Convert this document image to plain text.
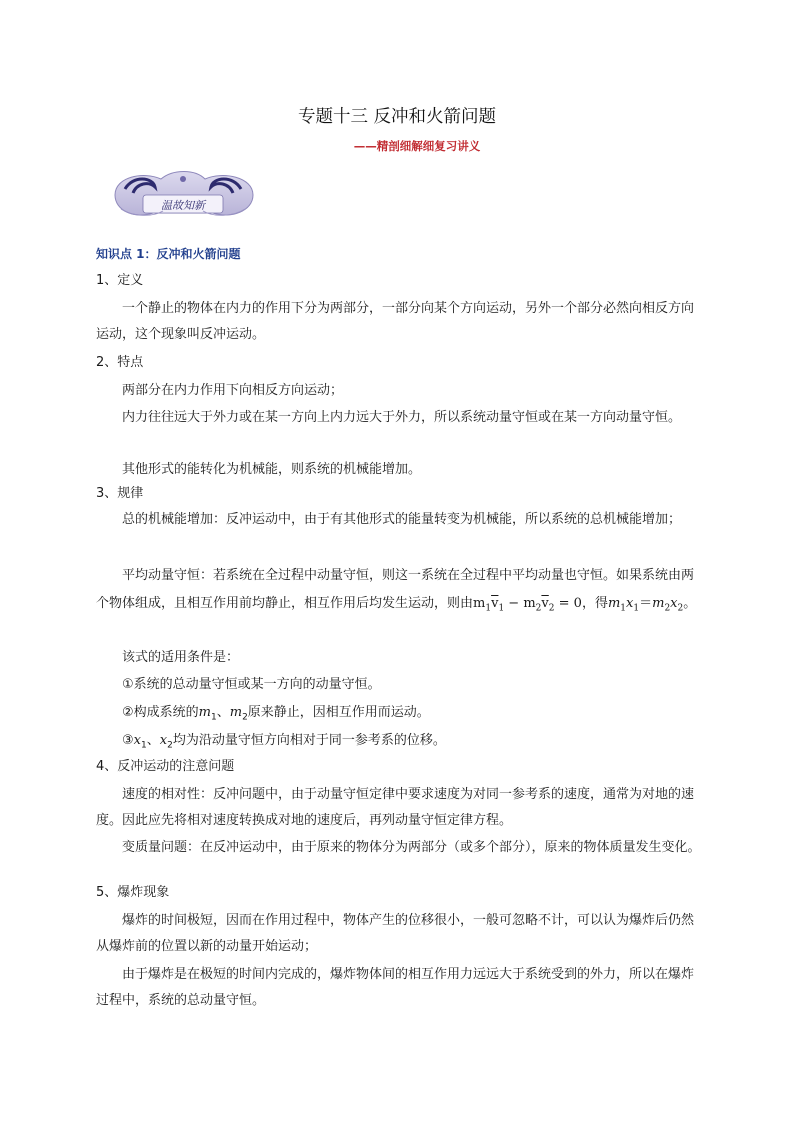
专题十三 反冲和火箭问题
——精剖细解细复习讲义
温故知新
知识点 1：反冲和火箭问题
1、定义
一个静止的物体在内力的作用下分为两部分，一部分向某个方向运动，另外一个部分必然向相反方向运动，这个现象叫反冲运动。
2、特点
两部分在内力作用下向相反方向运动；
内力往往远大于外力或在某一方向上内力远大于外力，所以系统动量守恒或在某一方向动量守恒。
其他形式的能转化为机械能，则系统的机械能增加。
3、规律
总的机械能增加：反冲运动中，由于有其他形式的能量转变为机械能，所以系统的总机械能增加；
平均动量守恒：若系统在全过程中动量守恒，则这一系统在全过程中平均动量也守恒。如果系统由两个物体组成，且相互作用前均静止，相互作用后均发生运动，则由$m_1\overline{v}_1 - m_2\overline{v}_2 = 0$，得$m_1x_1=m_2x_2$。
该式的适用条件是：
①系统的总动量守恒或某一方向的动量守恒。
②构成系统的$m_1$、$m_2$原来静止，因相互作用而运动。
$③x_1$、$x_2$均为沿动量守恒方向相对于同一参考系的位移。
4、反冲运动的注意问题
速度的相对性：反冲问题中，由于动量守恒定律中要求速度为对同一参考系的速度，通常为对地的速度。因此应先将相对速度转换成对地的速度后，再列动量守恒定律方程。
变质量问题：在反冲运动中，由于原来的物体分为两部分（或多个部分），原来的物体质量发生变化。
5、爆炸现象
爆炸的时间极短，因而在作用过程中，物体产生的位移很小，一般可忽略不计，可以认为爆炸后仍然从爆炸前的位置以新的动量开始运动；
由于爆炸是在极短的时间内完成的，爆炸物体间的相互作用力远远大于系统受到的外力，所以在爆炸过程中，系统的总动量守恒。
